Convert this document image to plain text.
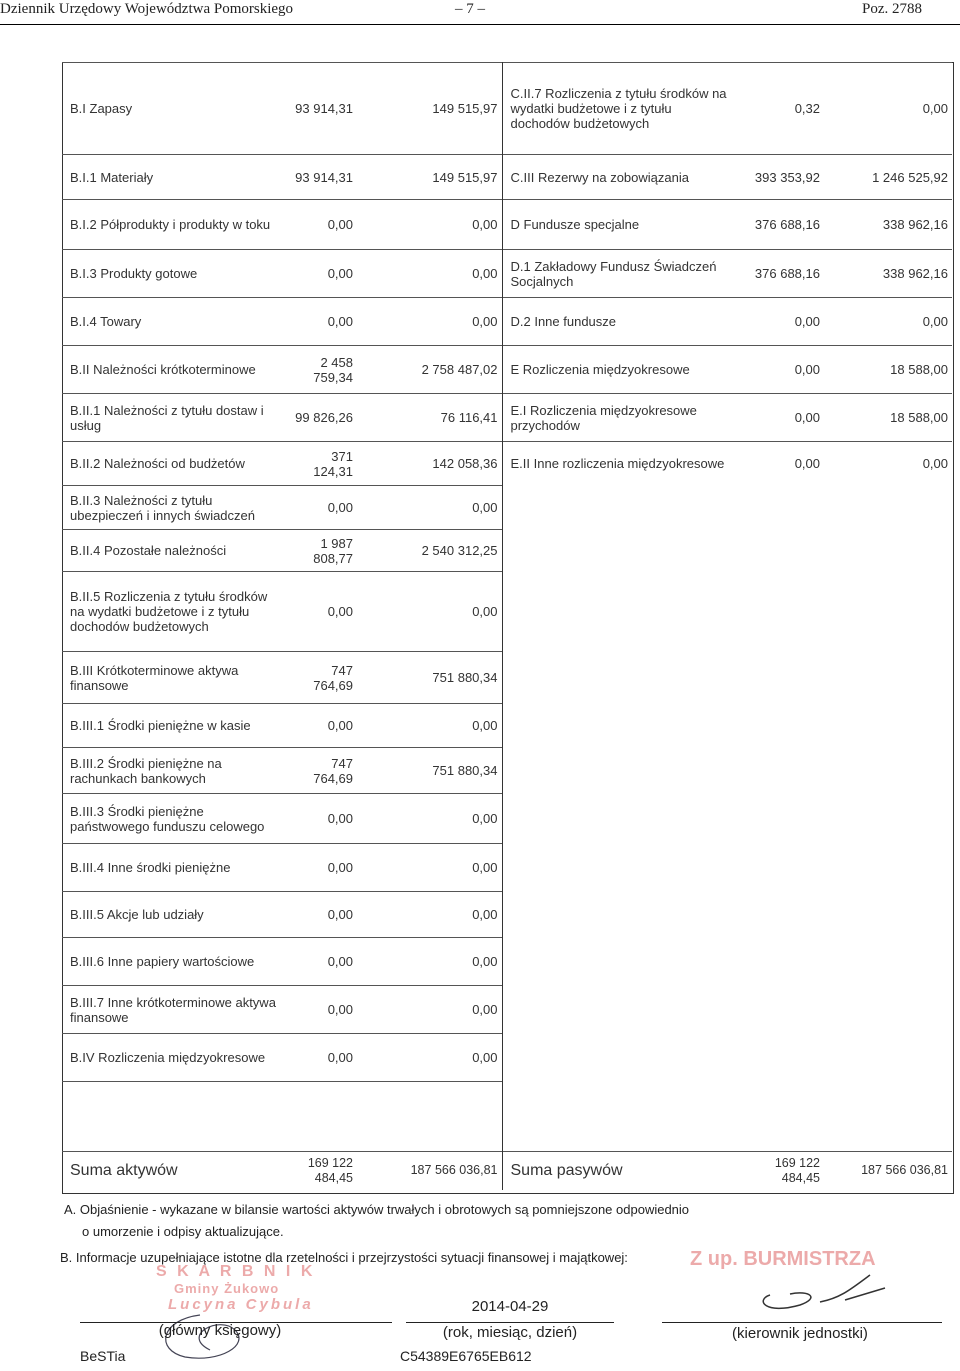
Dziennik Urzędowy Województwa Pomorskiego	– 7 –	Poz. 2788
B.I Zapasy	93 914,31	149 515,97	C.II.7 Rozliczenia z tytułu środków na wydatki budżetowe i z tytułu dochodów budżetowych	0,32	0,00
B.I.1 Materiały	93 914,31	149 515,97	C.III Rezerwy na zobowiązania	393 353,92	1 246 525,92
B.I.2 Półprodukty i produkty w toku	0,00	0,00	D Fundusze specjalne	376 688,16	338 962,16
B.I.3 Produkty gotowe	0,00	0,00	D.1 Zakładowy Fundusz Świadczeń Socjalnych	376 688,16	338 962,16
B.I.4 Towary	0,00	0,00	D.2 Inne fundusze	0,00	0,00
B.II Należności krótkoterminowe	2 458 759,34	2 758 487,02	E Rozliczenia międzyokresowe	0,00	18 588,00
B.II.1 Należności z tytułu dostaw i usług	99 826,26	76 116,41	E.I Rozliczenia międzyokresowe przychodów	0,00	18 588,00
B.II.2 Należności od budżetów	371 124,31	142 058,36	E.II Inne rozliczenia międzyokresowe	0,00	0,00
B.II.3 Należności z tytułu ubezpieczeń i innych świadczeń	0,00	0,00			
B.II.4 Pozostałe należności	1 987 808,77	2 540 312,25			
B.II.5 Rozliczenia z tytułu środków na wydatki budżetowe i z tytułu dochodów budżetowych	0,00	0,00			
B.III Krótkoterminowe aktywa finansowe	747 764,69	751 880,34			
B.III.1 Środki pieniężne w kasie	0,00	0,00			
B.III.2 Środki pieniężne na rachunkach bankowych	747 764,69	751 880,34			
B.III.3 Środki pieniężne państwowego funduszu celowego	0,00	0,00			
B.III.4 Inne środki pieniężne	0,00	0,00			
B.III.5 Akcje lub udziały	0,00	0,00			
B.III.6 Inne papiery wartościowe	0,00	0,00			
B.III.7 Inne krótkoterminowe aktywa finansowe	0,00	0,00			
B.IV Rozliczenia międzyokresowe	0,00	0,00			

Suma aktywów	169 122 484,45	187 566 036,81	Suma pasywów	169 122 484,45	187 566 036,81
A. Objaśnienie - wykazane w bilansie wartości aktywów trwałych i obrotowych są pomniejszone odpowiednio
o umorzenie i odpisy aktualizujące.
B. Informacje uzupełniające istotne dla rzetelności i przejrzystości sytuacji finansowej i majątkowej:
S K A R B N I K
Gminy Żukowo
Lucyna Cybula
Z up. BURMISTRZA
2014-04-29
(główny księgowy)	(rok, miesiąc, dzień)	(kierownik jednostki)
BeSTia	C54389E6765EB612
